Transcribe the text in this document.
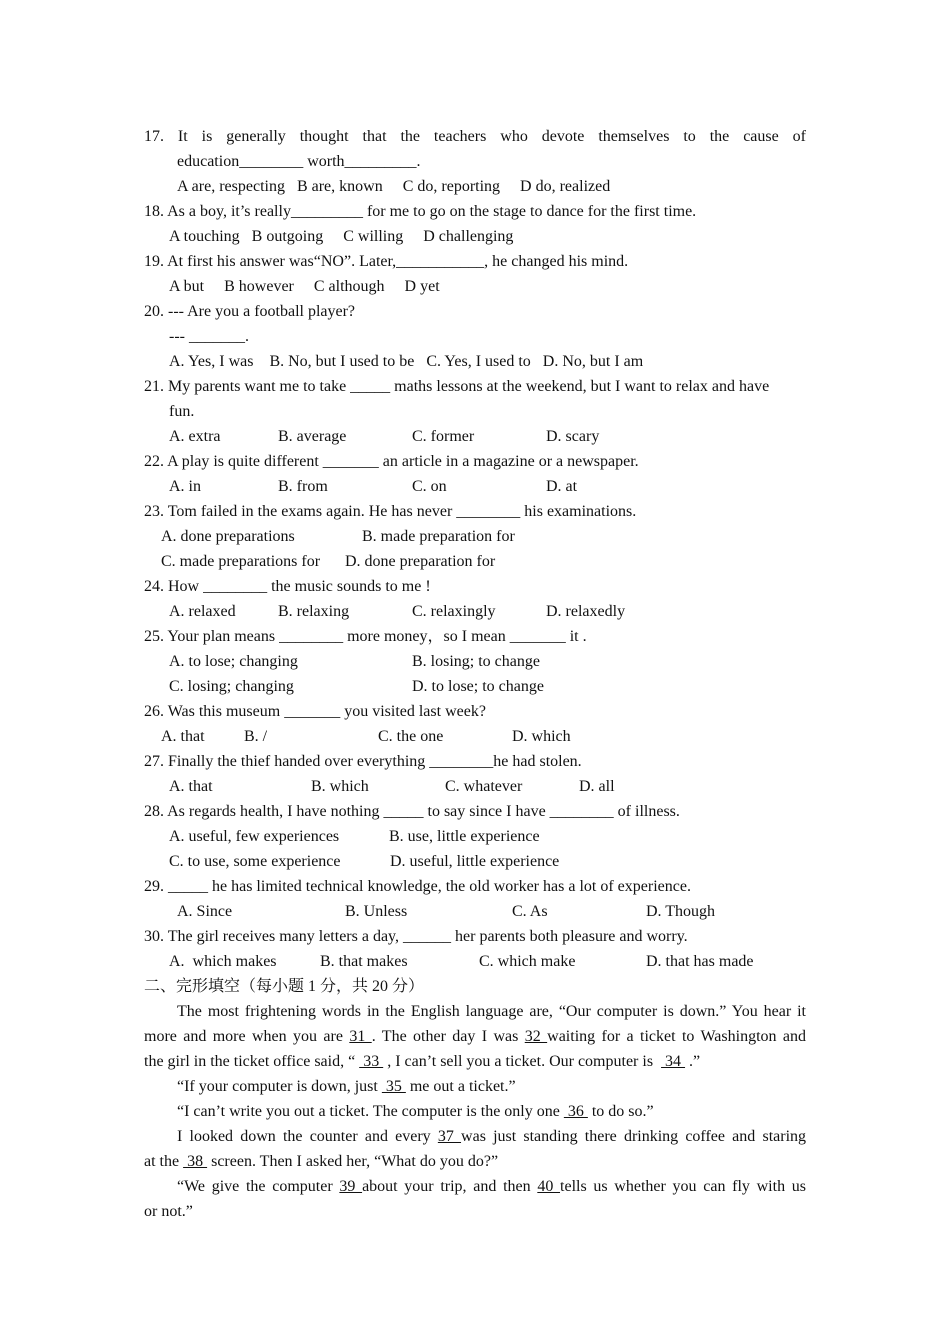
17. It is generally thought that the teachers who devote themselves to the cause of
education________ worth_________.
A are, respecting   B are, known     C do, reporting     D do, realized
18. As a boy, it’s really_________ for me to go on the stage to dance for the first time.
A touching   B outgoing     C willing     D challenging
19. At first his answer was“NO”. Later,___________, he changed his mind.
A but     B however     C although     D yet
20. --- Are you a football player?
--- _______.
A. Yes, I was    B. No, but I used to be   C. Yes, I used to   D. No, but I am
21. My parents want me to take _____ maths lessons at the weekend, but I want to relax and have
fun.

A. extra

	B. average

	C. former

	D. scary

22. A play is quite different _______ an article in a magazine or a newspaper.

A. in

	B. from

	C. on

	D. at

23. Tom failed in the exams again. He has never ________ his examinations.

A. done preparations

	B. made preparation for

C. made preparations for

D. done preparation for

24. How ________ the music sounds to me !

A. relaxed

	B. relaxing

	C. relaxingly

	D. relaxedly

25. Your plan means ________ more money，so I mean _______ it .

A. to lose; changing

	B. losing; to change

C. losing; changing

	D. to lose; to change

26. Was this museum _______ you visited last week?

A. that

B. /

	C. the one

	D. which

27. Finally the thief handed over everything ________he had stolen.

A. that

	B. which

	C. whatever

	D. all

28. As regards health, I have nothing _____ to say since I have ________ of illness.

A. useful, few experiences

	B. use, little experience

C. to use, some experience

	D. useful, little experience

29. _____ he has limited technical knowledge, the old worker has a lot of experience.

A. Since

	B. Unless

	C. As

	D. Though

30. The girl receives many letters a day, ______ her parents both pleasure and worry.

A.  which makes

	B. that makes

	C. which make

	D. that has made

二、完形填空（每小题 1 分，共 20 分）
The most frightening words in the English language are, “Our computer is down.” You hear it
more and more when you are 31 . The other day I was 32 waiting for a ticket to Washington and
the girl in the ticket office said, “  33  , I can’t sell you a ticket. Our computer is   34  .”
“If your computer is down, just  35  me out a ticket.”
“I can’t write you out a ticket. The computer is the only one  36  to do so.”
I looked down the counter and every 37 was just standing there drinking coffee and staring
at the  38  screen. Then I asked her, “What do you do?”
“We give the computer 39 about your trip, and then 40 tells us whether you can fly with us
or not.”
